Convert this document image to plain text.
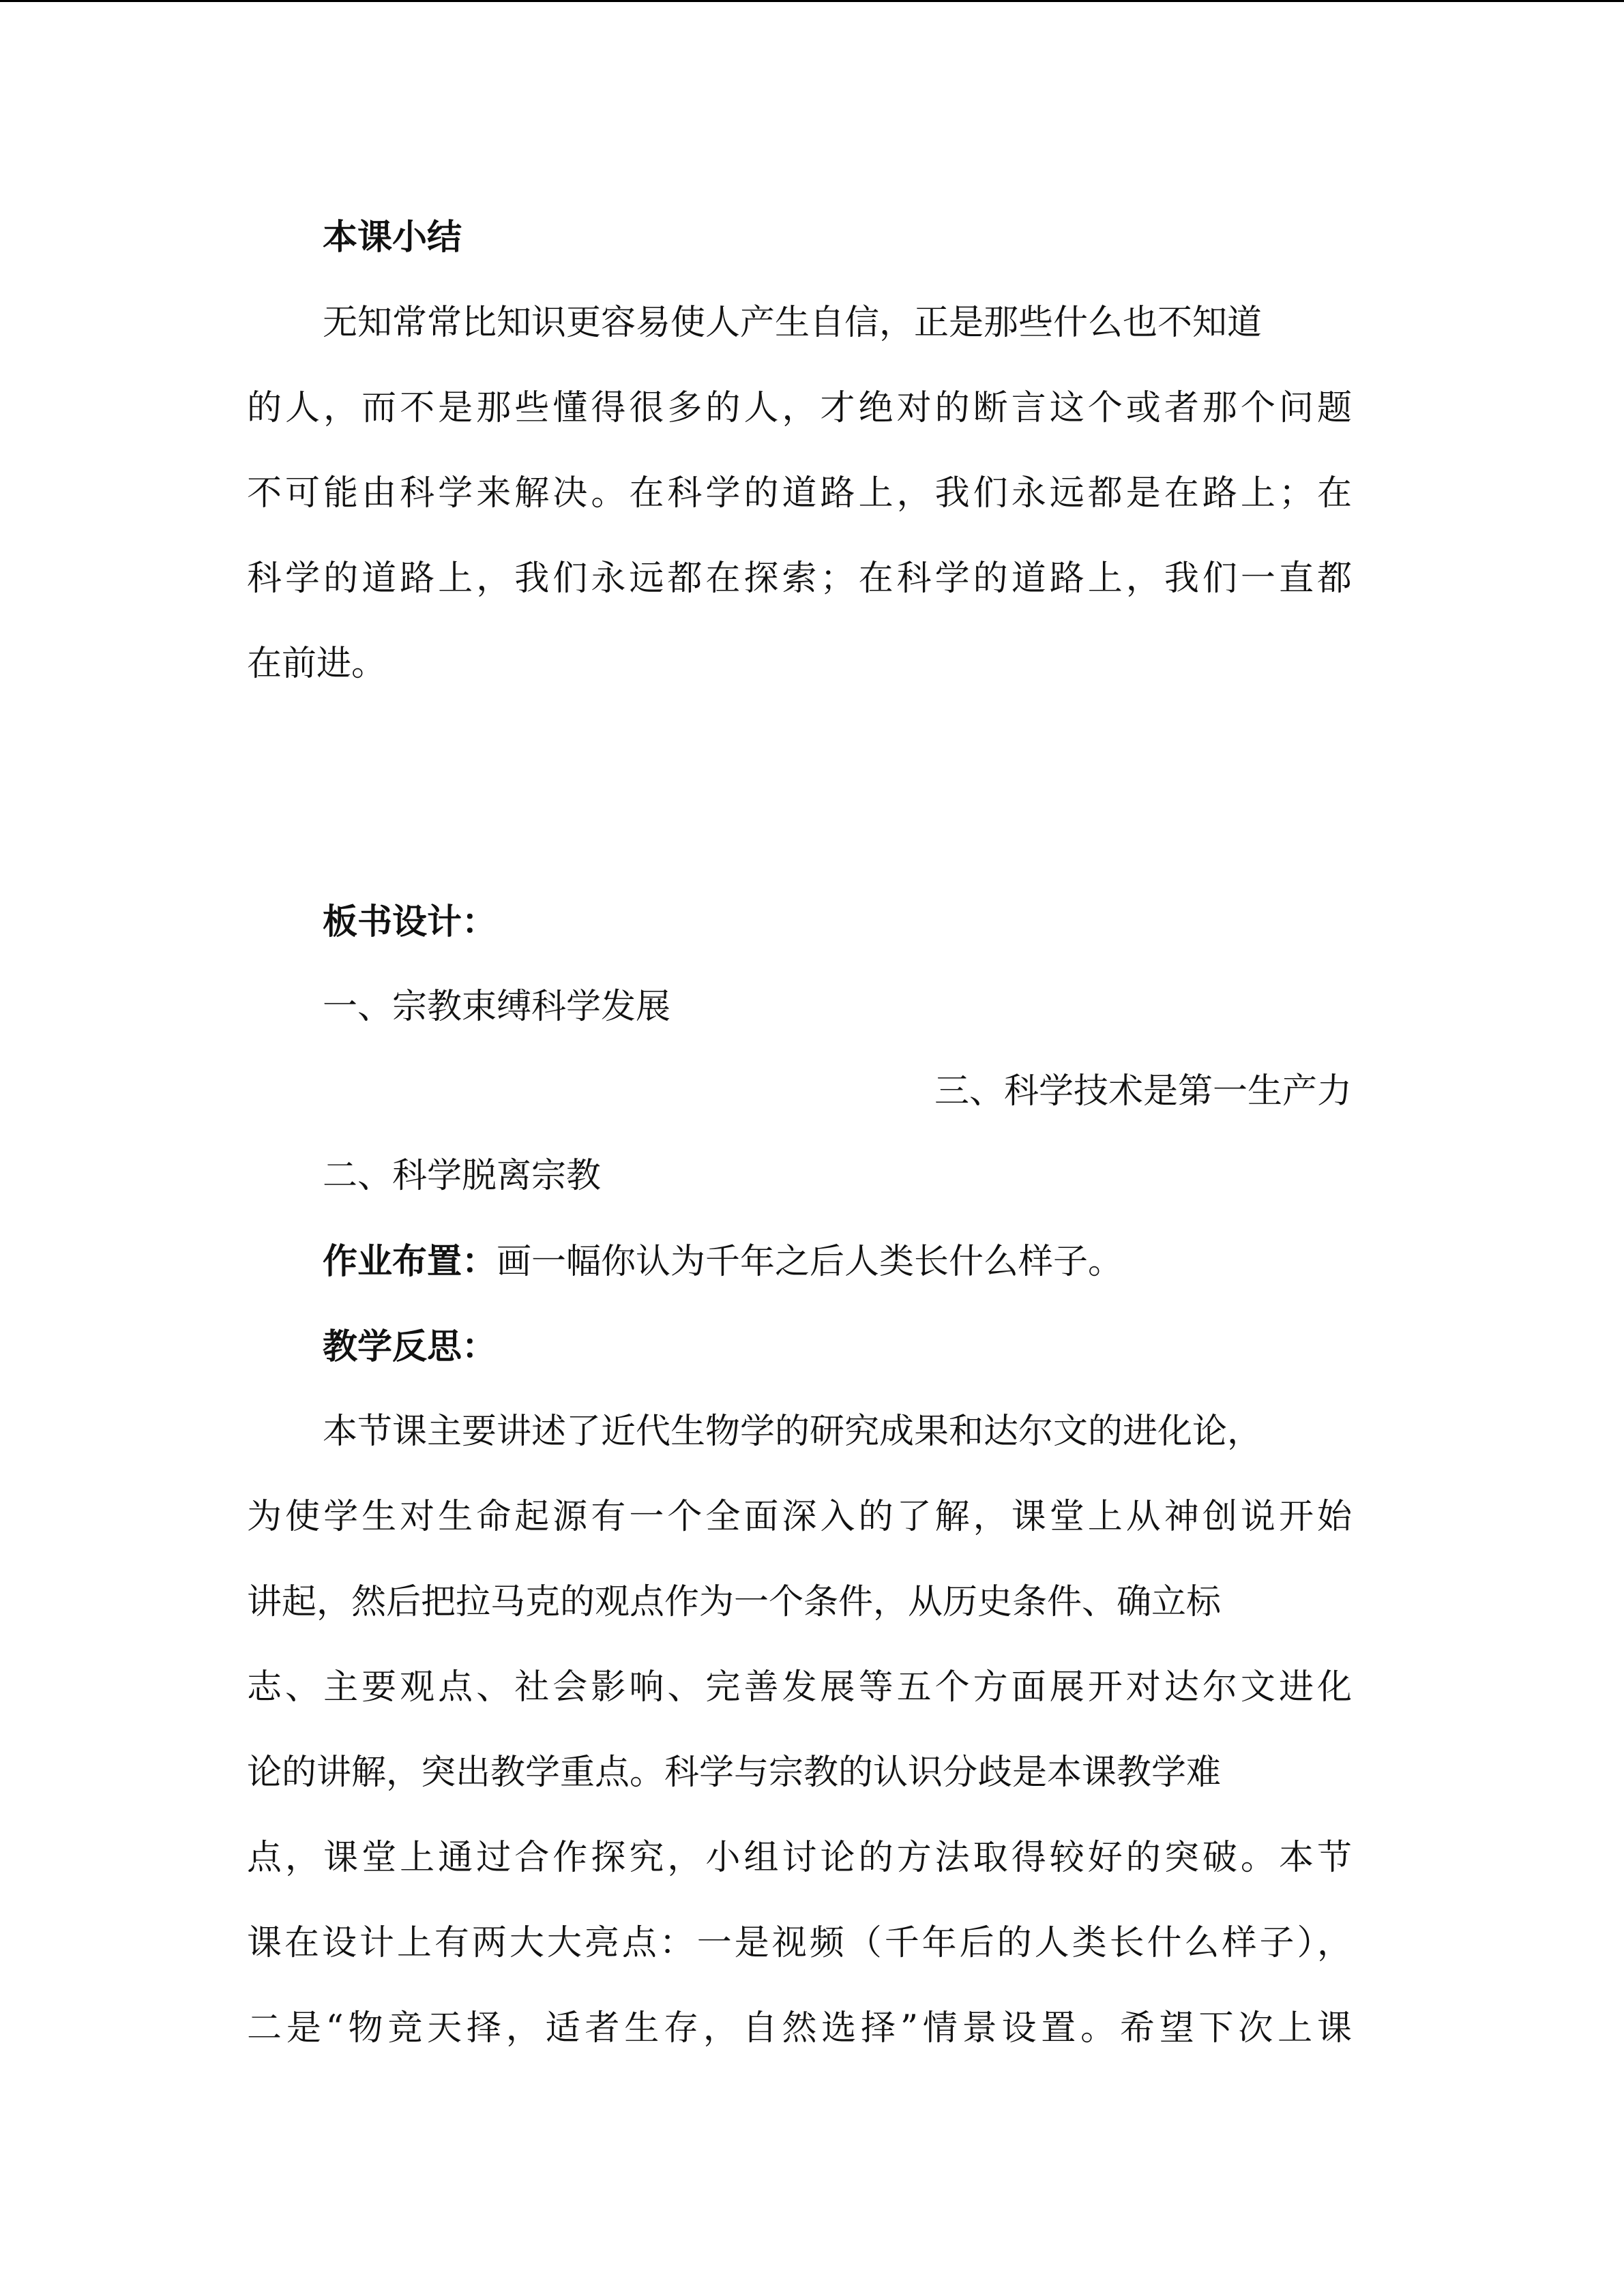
本课小结
无知常常比知识更容易使人产生自信，正是那些什么也不知道
的人，而不是那些懂得很多的人，才绝对的断言这个或者那个问题
不可能由科学来解决。在科学的道路上，我们永远都是在路上；在
科学的道路上，我们永远都在探索；在科学的道路上，我们一直都
在前进。
板书设计：
一、宗教束缚科学发展
三、科学技术是第一生产力
二、科学脱离宗教
作业布置：画一幅你认为千年之后人类长什么样子。
教学反思：
本节课主要讲述了近代生物学的研究成果和达尔文的进化论，
为使学生对生命起源有一个全面深入的了解，课堂上从神创说开始
讲起，然后把拉马克的观点作为一个条件，从历史条件、确立标
志、主要观点、社会影响、完善发展等五个方面展开对达尔文进化
论的讲解，突出教学重点。科学与宗教的认识分歧是本课教学难
点，课堂上通过合作探究，小组讨论的方法取得较好的突破。本节
课在设计上有两大大亮点：一是视频（千年后的人类长什么样子），
二是“物竞天择，适者生存，自然选择”情景设置。希望下次上课
